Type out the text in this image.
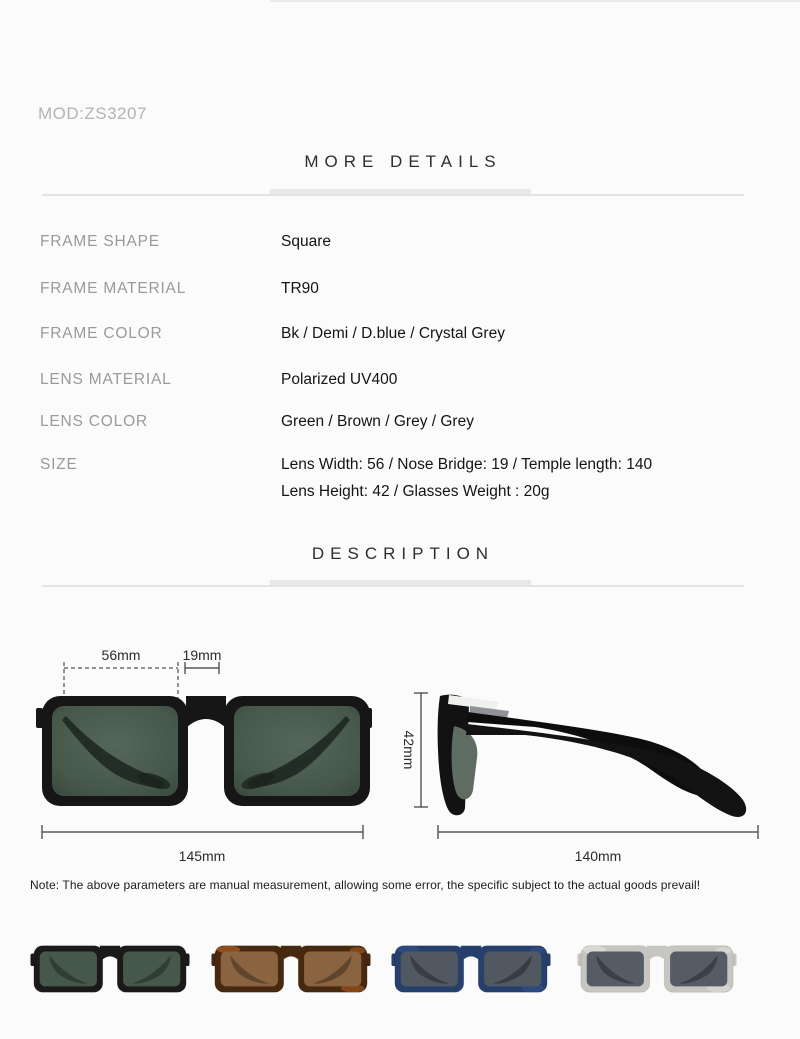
MOD:ZS3207
MORE DETAILS
FRAME SHAPE	Square
FRAME MATERIAL	TR90
FRAME COLOR	Bk / Demi / D.blue / Crystal Grey
LENS MATERIAL	Polarized UV400
LENS COLOR	Green / Brown / Grey / Grey
SIZE	Lens Width: 56 / Nose Bridge: 19 / Temple length: 140
Lens Height: 42 / Glasses Weight : 20g
DESCRIPTION
56mm	19mm
42mm
145mm	140mm
Note: The above parameters are manual measurement, allowing some error, the specific subject to the actual goods prevail!
